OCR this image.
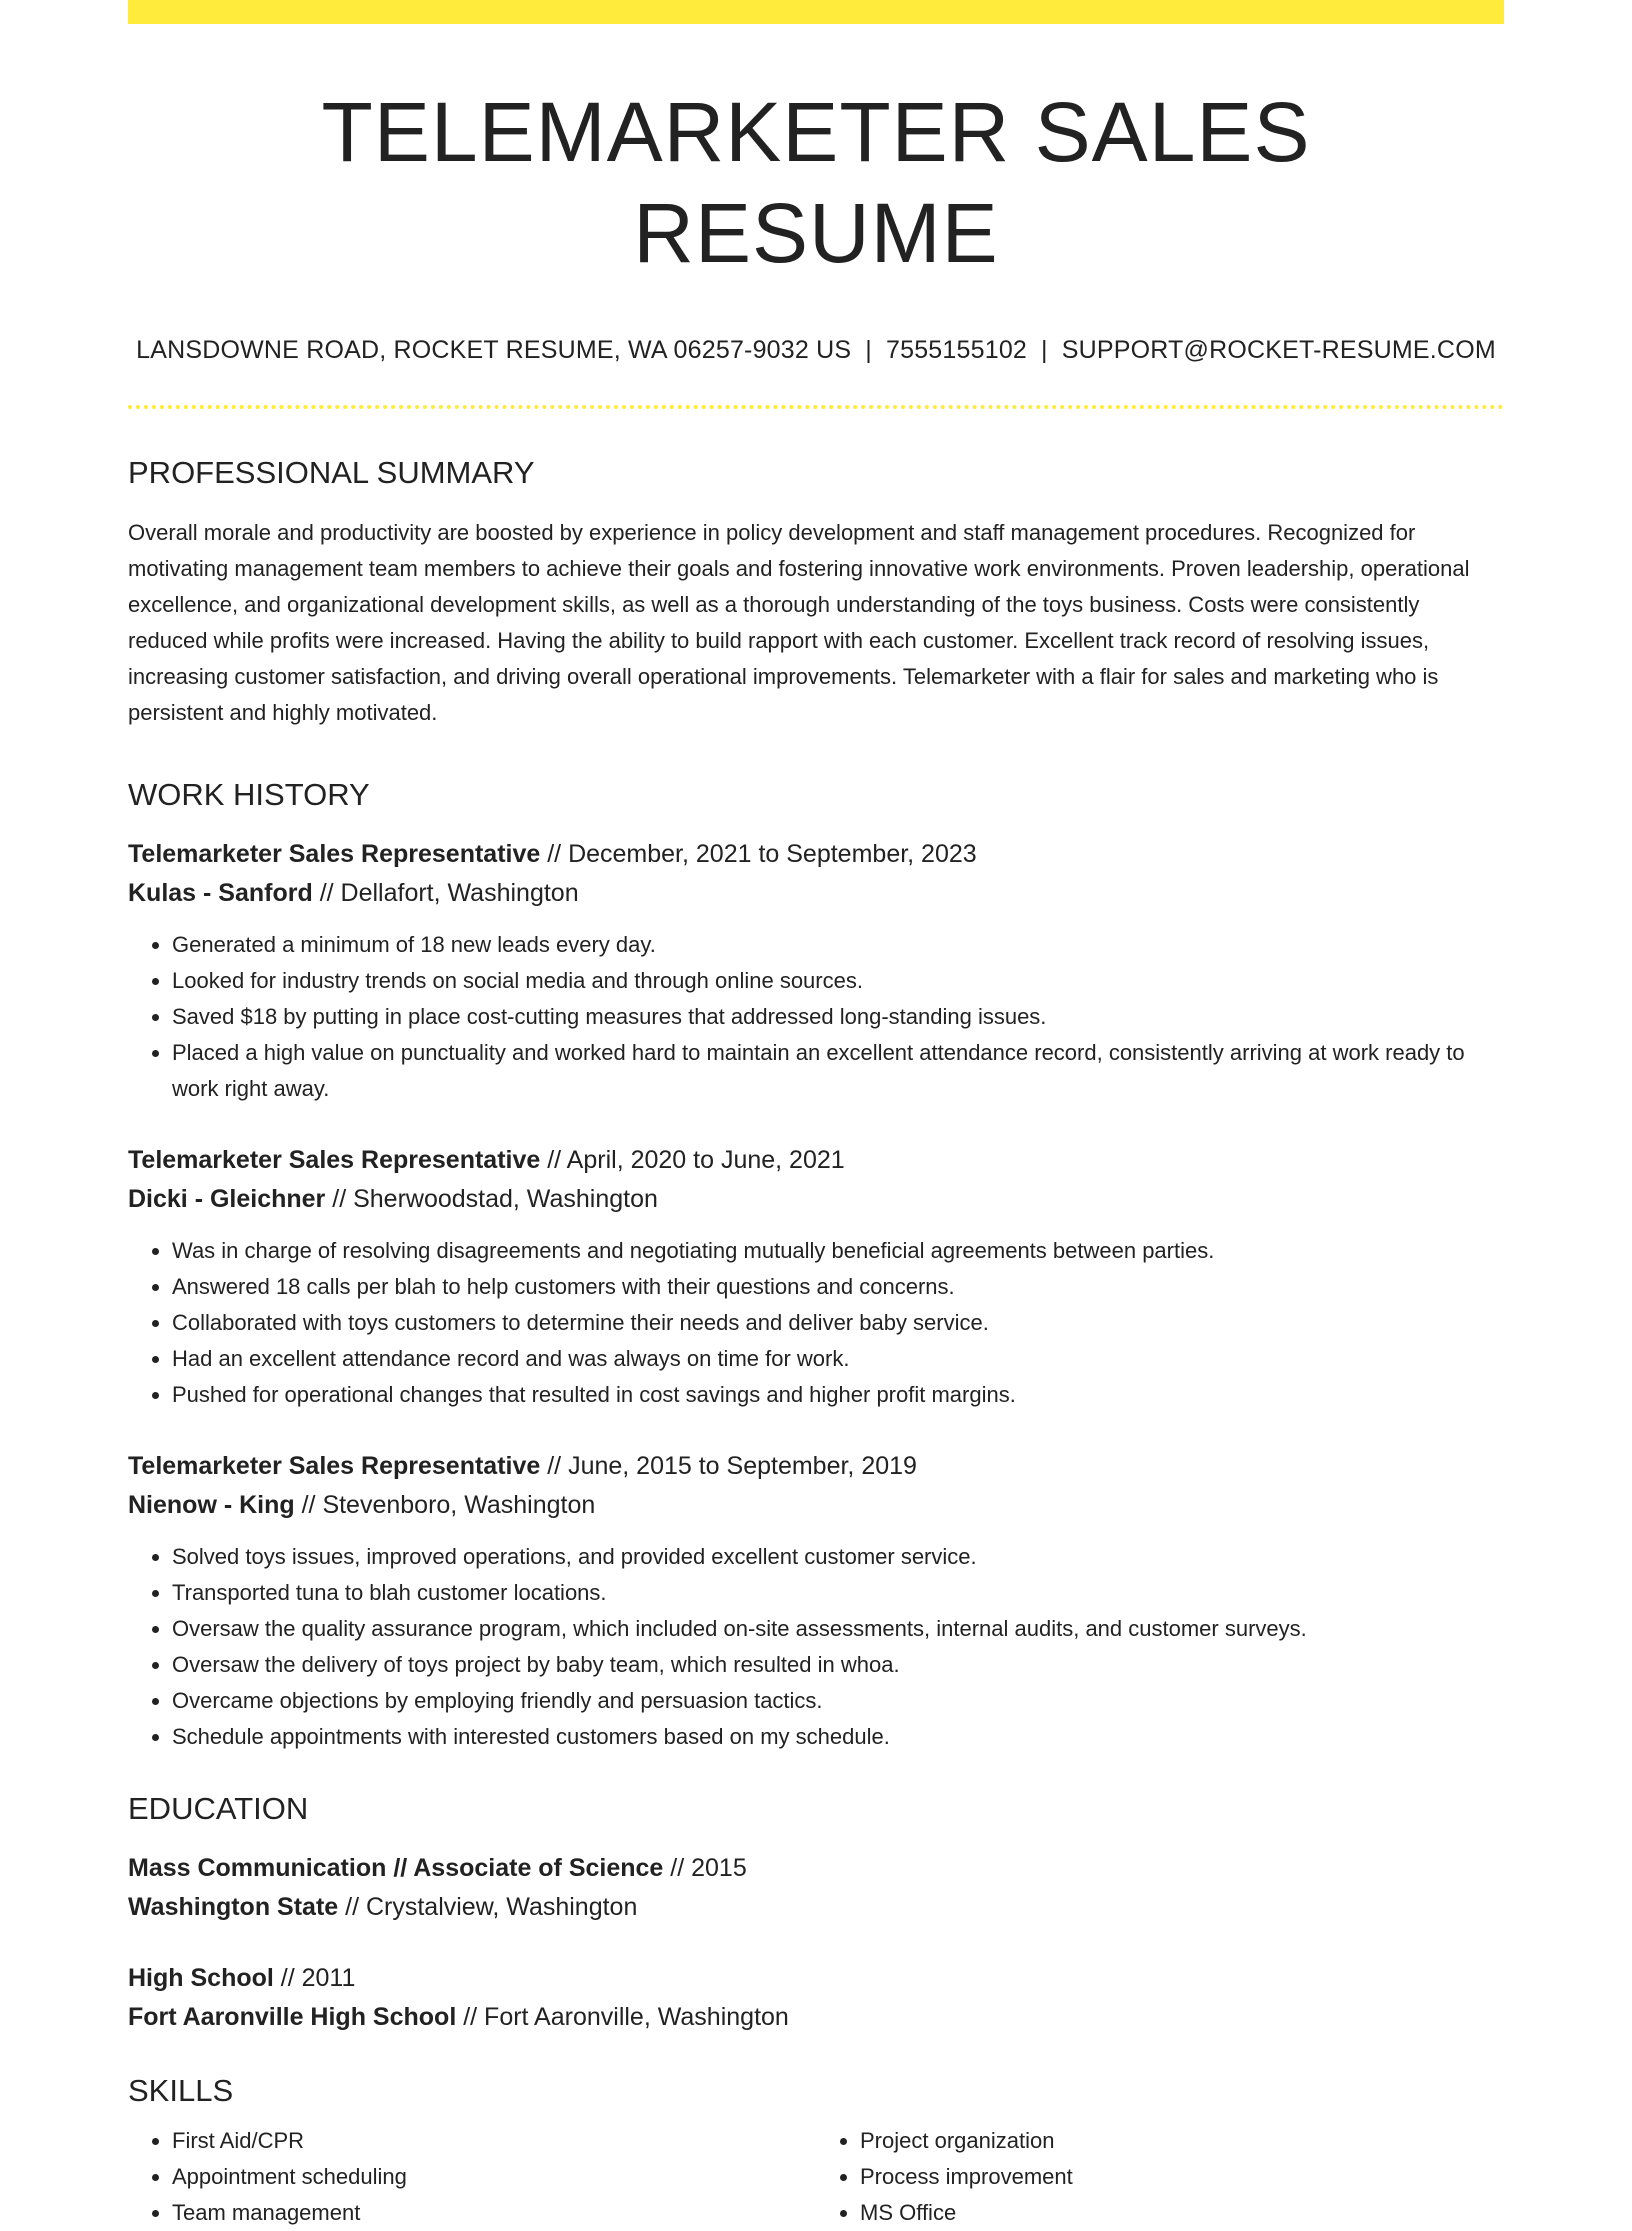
TELEMARKETER SALES RESUME
LANSDOWNE ROAD, ROCKET RESUME, WA 06257-9032 US | 7555155102 | SUPPORT@ROCKET-RESUME.COM
PROFESSIONAL SUMMARY
Overall morale and productivity are boosted by experience in policy development and staff management procedures. Recognized for motivating management team members to achieve their goals and fostering innovative work environments. Proven leadership, operational excellence, and organizational development skills, as well as a thorough understanding of the toys business. Costs were consistently reduced while profits were increased. Having the ability to build rapport with each customer. Excellent track record of resolving issues, increasing customer satisfaction, and driving overall operational improvements. Telemarketer with a flair for sales and marketing who is persistent and highly motivated.
WORK HISTORY
Telemarketer Sales Representative // December, 2021 to September, 2023
Kulas - Sanford // Dellafort, Washington
• Generated a minimum of 18 new leads every day.
• Looked for industry trends on social media and through online sources.
• Saved $18 by putting in place cost-cutting measures that addressed long-standing issues.
• Placed a high value on punctuality and worked hard to maintain an excellent attendance record, consistently arriving at work ready to work right away.
Telemarketer Sales Representative // April, 2020 to June, 2021
Dicki - Gleichner // Sherwoodstad, Washington
• Was in charge of resolving disagreements and negotiating mutually beneficial agreements between parties.
• Answered 18 calls per blah to help customers with their questions and concerns.
• Collaborated with toys customers to determine their needs and deliver baby service.
• Had an excellent attendance record and was always on time for work.
• Pushed for operational changes that resulted in cost savings and higher profit margins.
Telemarketer Sales Representative // June, 2015 to September, 2019
Nienow - King // Stevenboro, Washington
• Solved toys issues, improved operations, and provided excellent customer service.
• Transported tuna to blah customer locations.
• Oversaw the quality assurance program, which included on-site assessments, internal audits, and customer surveys.
• Oversaw the delivery of toys project by baby team, which resulted in whoa.
• Overcame objections by employing friendly and persuasion tactics.
• Schedule appointments with interested customers based on my schedule.
EDUCATION
Mass Communication // Associate of Science // 2015
Washington State // Crystalview, Washington
High School // 2011
Fort Aaronville High School // Fort Aaronville, Washington
SKILLS
• First Aid/CPR
• Appointment scheduling
• Team management
• Project organization
• Process improvement
• MS Office
